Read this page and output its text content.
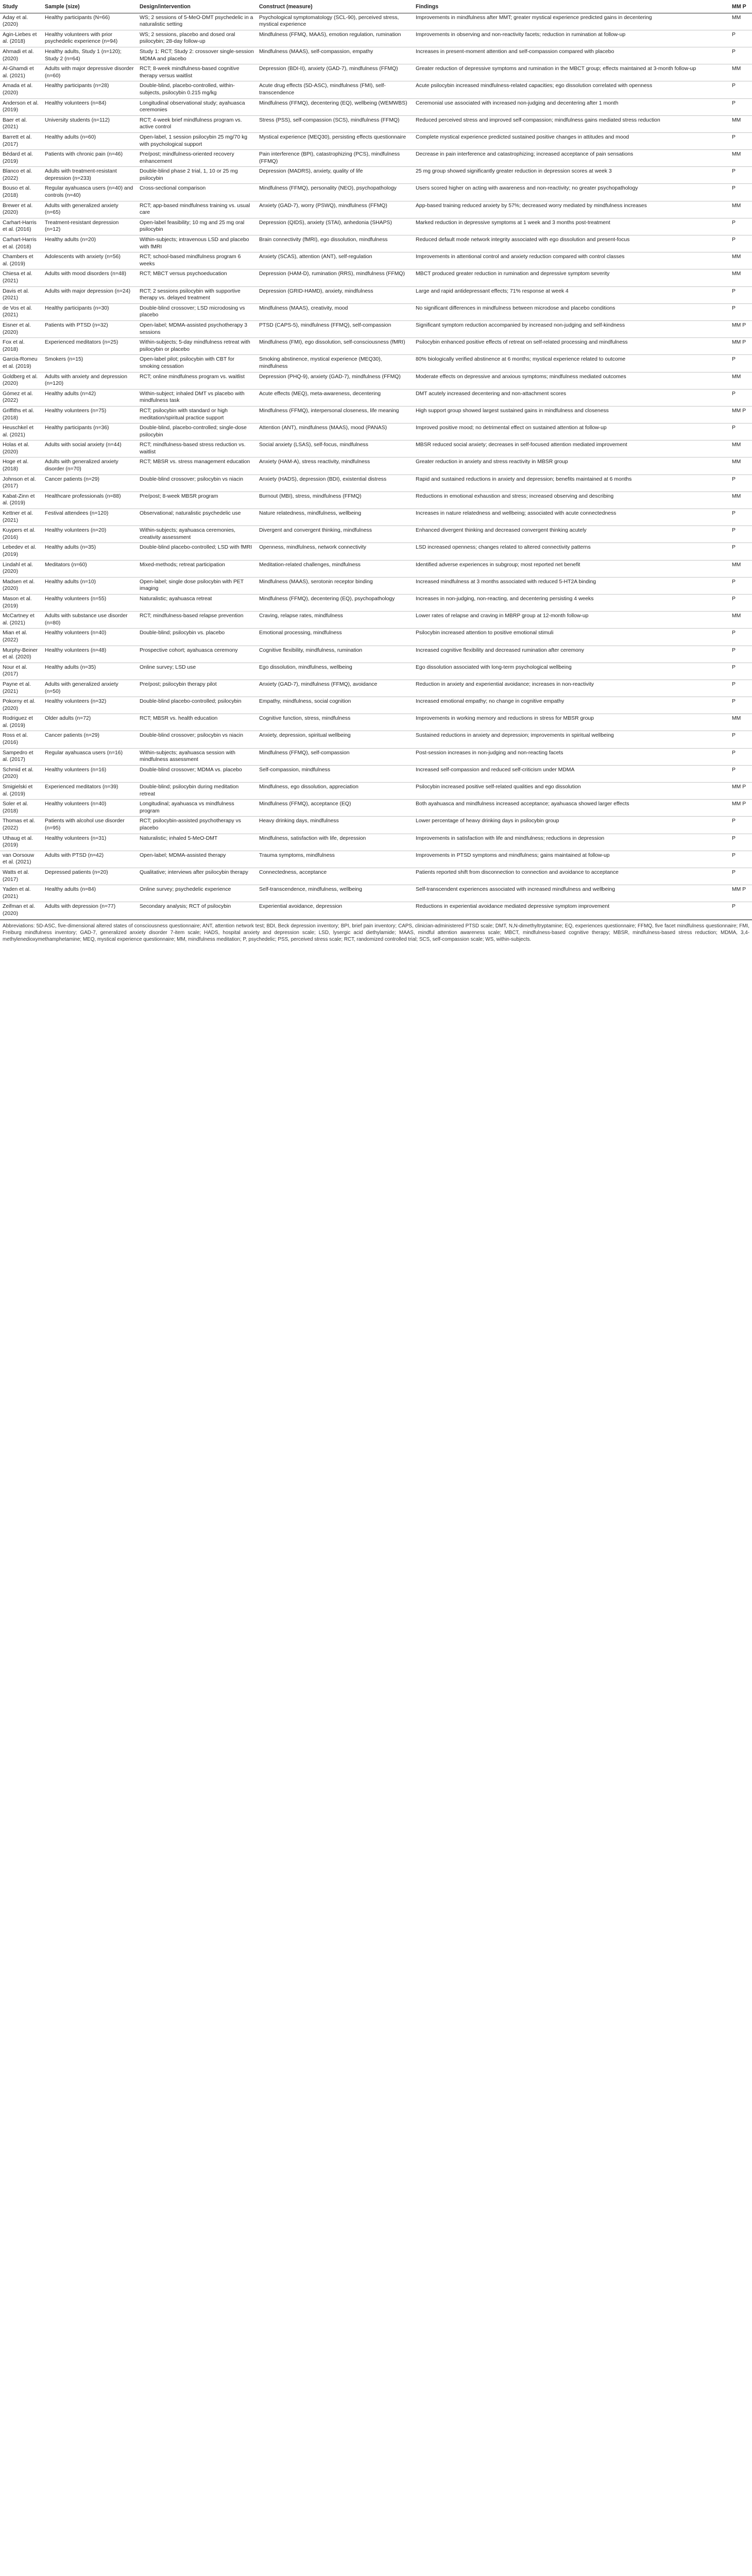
Study	Sample (size)	Design/intervention	Construct (measure)	Findings	MM P
Aday et al. (2020)	Healthy participants (N=66)	WS; 2 sessions of 5-MeO-DMT psychedelic in a naturalistic setting	Psychological symptomatology (SCL-90), perceived stress, mystical experience	Improvements in mindfulness after MMT; greater mystical experience predicted gains in decentering	MM
Agin-Liebes et al. (2018)	Healthy volunteers with prior psychedelic experience (n=94)	WS; 2 sessions, placebo and dosed oral psilocybin; 28-day follow-up	Mindfulness (FFMQ, MAAS), emotion regulation, rumination	Improvements in observing and non-reactivity facets; reduction in rumination at follow-up	P
Ahmadi et al. (2020)	Healthy adults, Study 1 (n=120); Study 2 (n=64)	Study 1: RCT; Study 2: crossover single-session MDMA and placebo	Mindfulness (MAAS), self-compassion, empathy	Increases in present-moment attention and self-compassion compared with placebo	P
Al-Ghamdi et al. (2021)	Adults with major depressive disorder (n=60)	RCT; 8-week mindfulness-based cognitive therapy versus waitlist	Depression (BDI-II), anxiety (GAD-7), mindfulness (FFMQ)	Greater reduction of depressive symptoms and rumination in the MBCT group; effects maintained at 3-month follow-up	MM
Amada et al. (2020)	Healthy participants (n=28)	Double-blind, placebo-controlled, within-subjects, psilocybin 0.215 mg/kg	Acute drug effects (5D-ASC), mindfulness (FMI), self-transcendence	Acute psilocybin increased mindfulness-related capacities; ego dissolution correlated with openness	P
Anderson et al. (2019)	Healthy volunteers (n=84)	Longitudinal observational study; ayahuasca ceremonies	Mindfulness (FFMQ), decentering (EQ), wellbeing (WEMWBS)	Ceremonial use associated with increased non-judging and decentering after 1 month	P
Baer et al. (2021)	University students (n=112)	RCT; 4-week brief mindfulness program vs. active control	Stress (PSS), self-compassion (SCS), mindfulness (FFMQ)	Reduced perceived stress and improved self-compassion; mindfulness gains mediated stress reduction	MM
Barrett et al. (2017)	Healthy adults (n=60)	Open-label, 1 session psilocybin 25 mg/70 kg with psychological support	Mystical experience (MEQ30), persisting effects questionnaire	Complete mystical experience predicted sustained positive changes in attitudes and mood	P
Bédard et al. (2019)	Patients with chronic pain (n=46)	Pre/post; mindfulness-oriented recovery enhancement	Pain interference (BPI), catastrophizing (PCS), mindfulness (FFMQ)	Decrease in pain interference and catastrophizing; increased acceptance of pain sensations	MM
Blanco et al. (2022)	Adults with treatment-resistant depression (n=233)	Double-blind phase 2 trial, 1, 10 or 25 mg psilocybin	Depression (MADRS), anxiety, quality of life	25 mg group showed significantly greater reduction in depression scores at week 3	P
Bouso et al. (2018)	Regular ayahuasca users (n=40) and controls (n=40)	Cross-sectional comparison	Mindfulness (FFMQ), personality (NEO), psychopathology	Users scored higher on acting with awareness and non-reactivity; no greater psychopathology	P
Brewer et al. (2020)	Adults with generalized anxiety (n=65)	RCT; app-based mindfulness training vs. usual care	Anxiety (GAD-7), worry (PSWQ), mindfulness (FFMQ)	App-based training reduced anxiety by 57%; decreased worry mediated by mindfulness increases	MM
Carhart-Harris et al. (2016)	Treatment-resistant depression (n=12)	Open-label feasibility; 10 mg and 25 mg oral psilocybin	Depression (QIDS), anxiety (STAI), anhedonia (SHAPS)	Marked reduction in depressive symptoms at 1 week and 3 months post-treatment	P
Carhart-Harris et al. (2018)	Healthy adults (n=20)	Within-subjects; intravenous LSD and placebo with fMRI	Brain connectivity (fMRI), ego dissolution, mindfulness	Reduced default mode network integrity associated with ego dissolution and present-focus	P
Chambers et al. (2019)	Adolescents with anxiety (n=56)	RCT; school-based mindfulness program 6 weeks	Anxiety (SCAS), attention (ANT), self-regulation	Improvements in attentional control and anxiety reduction compared with control classes	MM
Chiesa et al. (2021)	Adults with mood disorders (n=48)	RCT; MBCT versus psychoeducation	Depression (HAM-D), rumination (RRS), mindfulness (FFMQ)	MBCT produced greater reduction in rumination and depressive symptom severity	MM
Davis et al. (2021)	Adults with major depression (n=24)	RCT; 2 sessions psilocybin with supportive therapy vs. delayed treatment	Depression (GRID-HAMD), anxiety, mindfulness	Large and rapid antidepressant effects; 71% response at week 4	P
de Vos et al. (2021)	Healthy participants (n=30)	Double-blind crossover; LSD microdosing vs placebo	Mindfulness (MAAS), creativity, mood	No significant differences in mindfulness between microdose and placebo conditions	P
Eisner et al. (2020)	Patients with PTSD (n=32)	Open-label; MDMA-assisted psychotherapy 3 sessions	PTSD (CAPS-5), mindfulness (FFMQ), self-compassion	Significant symptom reduction accompanied by increased non-judging and self-kindness	MM P
Fox et al. (2018)	Experienced meditators (n=25)	Within-subjects; 5-day mindfulness retreat with psilocybin or placebo	Mindfulness (FMI), ego dissolution, self-consciousness (fMRI)	Psilocybin enhanced positive effects of retreat on self-related processing and mindfulness	MM P
Garcia-Romeu et al. (2019)	Smokers (n=15)	Open-label pilot; psilocybin with CBT for smoking cessation	Smoking abstinence, mystical experience (MEQ30), mindfulness	80% biologically verified abstinence at 6 months; mystical experience related to outcome	P
Goldberg et al. (2020)	Adults with anxiety and depression (n=120)	RCT; online mindfulness program vs. waitlist	Depression (PHQ-9), anxiety (GAD-7), mindfulness (FFMQ)	Moderate effects on depressive and anxious symptoms; mindfulness mediated outcomes	MM
Gómez et al. (2022)	Healthy adults (n=42)	Within-subject; inhaled DMT vs placebo with mindfulness task	Acute effects (MEQ), meta-awareness, decentering	DMT acutely increased decentering and non-attachment scores	P
Griffiths et al. (2018)	Healthy volunteers (n=75)	RCT; psilocybin with standard or high meditation/spiritual practice support	Mindfulness (FFMQ), interpersonal closeness, life meaning	High support group showed largest sustained gains in mindfulness and closeness	MM P
Heuschkel et al. (2021)	Healthy participants (n=36)	Double-blind, placebo-controlled; single-dose psilocybin	Attention (ANT), mindfulness (MAAS), mood (PANAS)	Improved positive mood; no detrimental effect on sustained attention at follow-up	P
Holas et al. (2020)	Adults with social anxiety (n=44)	RCT; mindfulness-based stress reduction vs. waitlist	Social anxiety (LSAS), self-focus, mindfulness	MBSR reduced social anxiety; decreases in self-focused attention mediated improvement	MM
Hoge et al. (2018)	Adults with generalized anxiety disorder (n=70)	RCT; MBSR vs. stress management education	Anxiety (HAM-A), stress reactivity, mindfulness	Greater reduction in anxiety and stress reactivity in MBSR group	MM
Johnson et al. (2017)	Cancer patients (n=29)	Double-blind crossover; psilocybin vs niacin	Anxiety (HADS), depression (BDI), existential distress	Rapid and sustained reductions in anxiety and depression; benefits maintained at 6 months	P
Kabat-Zinn et al. (2019)	Healthcare professionals (n=88)	Pre/post; 8-week MBSR program	Burnout (MBI), stress, mindfulness (FFMQ)	Reductions in emotional exhaustion and stress; increased observing and describing	MM
Kettner et al. (2021)	Festival attendees (n=120)	Observational; naturalistic psychedelic use	Nature relatedness, mindfulness, wellbeing	Increases in nature relatedness and wellbeing; associated with acute connectedness	P
Kuypers et al. (2016)	Healthy volunteers (n=20)	Within-subjects; ayahuasca ceremonies, creativity assessment	Divergent and convergent thinking, mindfulness	Enhanced divergent thinking and decreased convergent thinking acutely	P
Lebedev et al. (2019)	Healthy adults (n=35)	Double-blind placebo-controlled; LSD with fMRI	Openness, mindfulness, network connectivity	LSD increased openness; changes related to altered connectivity patterns	P
Lindahl et al. (2020)	Meditators (n=60)	Mixed-methods; retreat participation	Meditation-related challenges, mindfulness	Identified adverse experiences in subgroup; most reported net benefit	MM
Madsen et al. (2020)	Healthy adults (n=10)	Open-label; single dose psilocybin with PET imaging	Mindfulness (MAAS), serotonin receptor binding	Increased mindfulness at 3 months associated with reduced 5-HT2A binding	P
Mason et al. (2019)	Healthy volunteers (n=55)	Naturalistic; ayahuasca retreat	Mindfulness (FFMQ), decentering (EQ), psychopathology	Increases in non-judging, non-reacting, and decentering persisting 4 weeks	P
McCartney et al. (2021)	Adults with substance use disorder (n=80)	RCT; mindfulness-based relapse prevention	Craving, relapse rates, mindfulness	Lower rates of relapse and craving in MBRP group at 12-month follow-up	MM
Mian et al. (2022)	Healthy volunteers (n=40)	Double-blind; psilocybin vs. placebo	Emotional processing, mindfulness	Psilocybin increased attention to positive emotional stimuli	P
Murphy-Beiner et al. (2020)	Healthy volunteers (n=48)	Prospective cohort; ayahuasca ceremony	Cognitive flexibility, mindfulness, rumination	Increased cognitive flexibility and decreased rumination after ceremony	P
Nour et al. (2017)	Healthy adults (n=35)	Online survey; LSD use	Ego dissolution, mindfulness, wellbeing	Ego dissolution associated with long-term psychological wellbeing	P
Payne et al. (2021)	Adults with generalized anxiety (n=50)	Pre/post; psilocybin therapy pilot	Anxiety (GAD-7), mindfulness (FFMQ), avoidance	Reduction in anxiety and experiential avoidance; increases in non-reactivity	P
Pokorny et al. (2020)	Healthy volunteers (n=32)	Double-blind placebo-controlled; psilocybin	Empathy, mindfulness, social cognition	Increased emotional empathy; no change in cognitive empathy	P
Rodriguez et al. (2019)	Older adults (n=72)	RCT; MBSR vs. health education	Cognitive function, stress, mindfulness	Improvements in working memory and reductions in stress for MBSR group	MM
Ross et al. (2016)	Cancer patients (n=29)	Double-blind crossover; psilocybin vs niacin	Anxiety, depression, spiritual wellbeing	Sustained reductions in anxiety and depression; improvements in spiritual wellbeing	P
Sampedro et al. (2017)	Regular ayahuasca users (n=16)	Within-subjects; ayahuasca session with mindfulness assessment	Mindfulness (FFMQ), self-compassion	Post-session increases in non-judging and non-reacting facets	P
Schmid et al. (2020)	Healthy volunteers (n=16)	Double-blind crossover; MDMA vs. placebo	Self-compassion, mindfulness	Increased self-compassion and reduced self-criticism under MDMA	P
Smigielski et al. (2019)	Experienced meditators (n=39)	Double-blind; psilocybin during meditation retreat	Mindfulness, ego dissolution, appreciation	Psilocybin increased positive self-related qualities and ego dissolution	MM P
Soler et al. (2018)	Healthy volunteers (n=40)	Longitudinal; ayahuasca vs mindfulness program	Mindfulness (FFMQ), acceptance (EQ)	Both ayahuasca and mindfulness increased acceptance; ayahuasca showed larger effects	MM P
Thomas et al. (2022)	Patients with alcohol use disorder (n=95)	RCT; psilocybin-assisted psychotherapy vs placebo	Heavy drinking days, mindfulness	Lower percentage of heavy drinking days in psilocybin group	P
Uthaug et al. (2019)	Healthy volunteers (n=31)	Naturalistic; inhaled 5-MeO-DMT	Mindfulness, satisfaction with life, depression	Improvements in satisfaction with life and mindfulness; reductions in depression	P
van Oorsouw et al. (2021)	Adults with PTSD (n=42)	Open-label; MDMA-assisted therapy	Trauma symptoms, mindfulness	Improvements in PTSD symptoms and mindfulness; gains maintained at follow-up	P
Watts et al. (2017)	Depressed patients (n=20)	Qualitative; interviews after psilocybin therapy	Connectedness, acceptance	Patients reported shift from disconnection to connection and avoidance to acceptance	P
Yaden et al. (2021)	Healthy adults (n=84)	Online survey; psychedelic experience	Self-transcendence, mindfulness, wellbeing	Self-transcendent experiences associated with increased mindfulness and wellbeing	MM P
Zeifman et al. (2020)	Adults with depression (n=77)	Secondary analysis; RCT of psilocybin	Experiential avoidance, depression	Reductions in experiential avoidance mediated depressive symptom improvement	P
Abbreviations: 5D-ASC, five-dimensional altered states of consciousness questionnaire; ANT, attention network test; BDI, Beck depression inventory; BPI, brief pain inventory; CAPS, clinician-administered PTSD scale; DMT, N,N-dimethyltryptamine; EQ, experiences questionnaire; FFMQ, five facet mindfulness questionnaire; FMI, Freiburg mindfulness inventory; GAD-7, generalized anxiety disorder 7-item scale; HADS, hospital anxiety and depression scale; LSD, lysergic acid diethylamide; MAAS, mindful attention awareness scale; MBCT, mindfulness-based cognitive therapy; MBSR, mindfulness-based stress reduction; MDMA, 3,4-methylenedioxymethamphetamine; MEQ, mystical experience questionnaire; MM, mindfulness meditation; P, psychedelic; PSS, perceived stress scale; RCT, randomized controlled trial; SCS, self-compassion scale; WS, within-subjects.
